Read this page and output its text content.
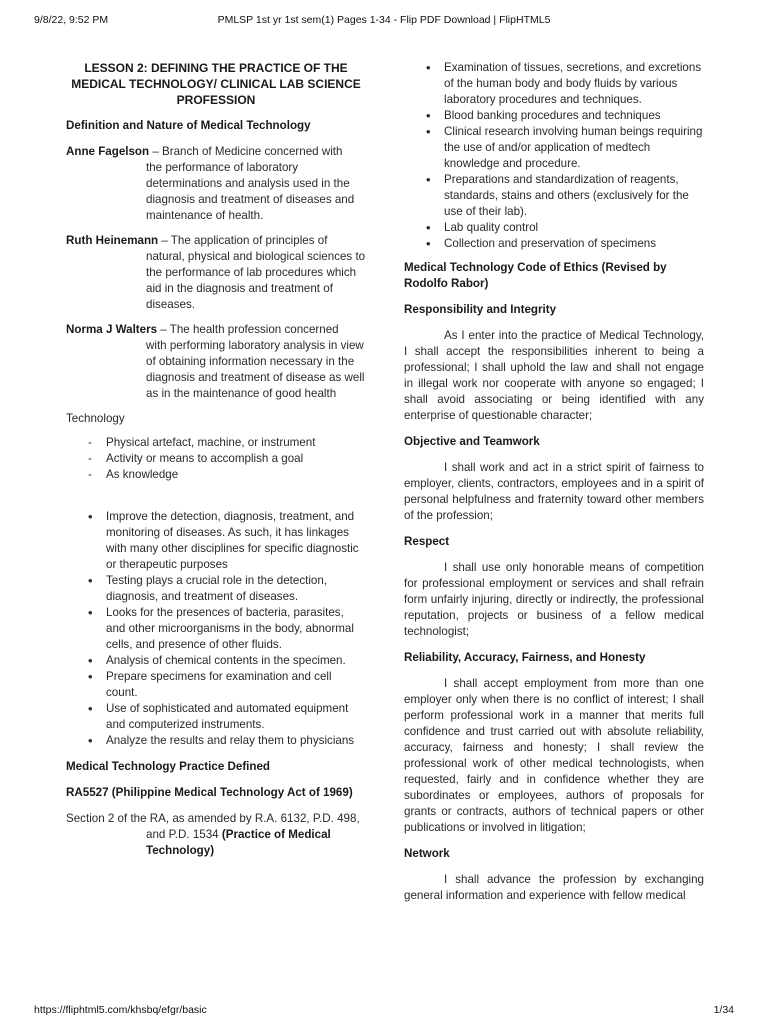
9/8/22, 9:52 PM	PMLSP 1st yr 1st sem(1) Pages 1-34 - Flip PDF Download | FlipHTML5
LESSON 2: DEFINING THE PRACTICE OF THE MEDICAL TECHNOLOGY/ CLINICAL LAB SCIENCE PROFESSION
Definition and Nature of Medical Technology
Anne Fagelson – Branch of Medicine concerned with
the performance of laboratory determinations and analysis used in the diagnosis and treatment of diseases and maintenance of health.
Ruth Heinemann – The application of principles of
natural, physical and biological sciences to the performance of lab procedures which aid in the diagnosis and treatment of diseases.
Norma J Walters – The health profession concerned
with performing laboratory analysis in view of obtaining information necessary in the diagnosis and treatment of disease as well as in the maintenance of good health
Technology
- Physical artefact, machine, or instrument
- Activity or means to accomplish a goal
- As knowledge
• Improve the detection, diagnosis, treatment, and monitoring of diseases. As such, it has linkages with many other disciplines for specific diagnostic or therapeutic purposes
• Testing plays a crucial role in the detection, diagnosis, and treatment of diseases.
• Looks for the presences of bacteria, parasites, and other microorganisms in the body, abnormal cells, and presence of other fluids.
• Analysis of chemical contents in the specimen.
• Prepare specimens for examination and cell count.
• Use of sophisticated and automated equipment and computerized instruments.
• Analyze the results and relay them to physicians
Medical Technology Practice Defined
RA5527 (Philippine Medical Technology Act of 1969)
Section 2 of the RA, as amended by R.A. 6132, P.D. 498,
and P.D. 1534 (Practice of Medical Technology)
• Examination of tissues, secretions, and excretions of the human body and body fluids by various laboratory procedures and techniques.
• Blood banking procedures and techniques
• Clinical research involving human beings requiring the use of and/or application of medtech knowledge and procedure.
• Preparations and standardization of reagents, standards, stains and others (exclusively for the use of their lab).
• Lab quality control
• Collection and preservation of specimens
Medical Technology Code of Ethics (Revised by Rodolfo Rabor)
Responsibility and Integrity
As I enter into the practice of Medical Technology, I shall accept the responsibilities inherent to being a professional; I shall uphold the law and shall not engage in illegal work nor cooperate with anyone so engaged; I shall avoid associating or being identified with any enterprise of questionable character;
Objective and Teamwork
I shall work and act in a strict spirit of fairness to employer, clients, contractors, employees and in a spirit of personal helpfulness and fraternity toward other members of the profession;
Respect
I shall use only honorable means of competition for professional employment or services and shall refrain form unfairly injuring, directly or indirectly, the professional reputation, projects or business of a fellow medical technologist;
Reliability, Accuracy, Fairness, and Honesty
I shall accept employment from more than one employer only when there is no conflict of interest; I shall perform professional work in a manner that merits full confidence and trust carried out with absolute reliability, accuracy, fairness and honesty; I shall review the professional work of other medical technologists, when requested, fairly and in confidence whether they are subordinates or employees, authors of proposals for grants or contracts, authors of technical papers or other publications or involved in litigation;
Network
I shall advance the profession by exchanging general information and experience with fellow medical
https://fliphtml5.com/khsbq/efgr/basic	1/34
